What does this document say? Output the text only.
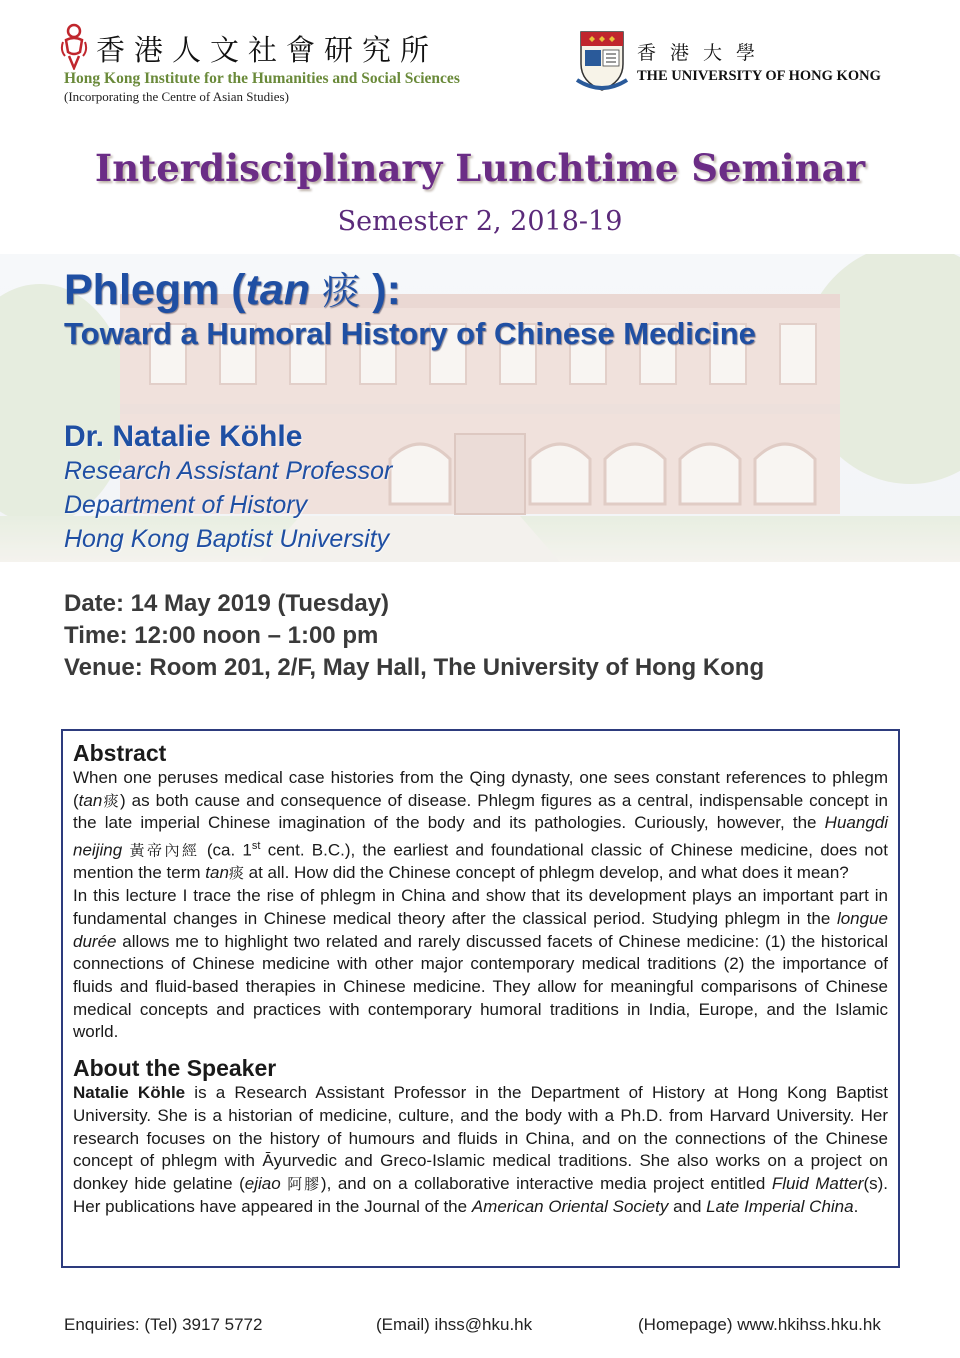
香港人文社會研究所
Hong Kong Institute for the Humanities and Social Sciences
(Incorporating the Centre of Asian Studies)
香港大學
THE UNIVERSITY OF HONG KONG
Interdisciplinary Lunchtime Seminar
Semester 2, 2018-19
Phlegm (tan 痰 ):
Toward a Humoral History of Chinese Medicine
Dr. Natalie Köhle
Research Assistant Professor
Department of History
Hong Kong Baptist University
Date: 14 May 2019 (Tuesday)
Time: 12:00 noon – 1:00 pm
Venue: Room 201, 2/F, May Hall, The University of Hong Kong
Abstract

When one peruses medical case histories from the Qing dynasty, one sees constant references to phlegm (tan痰) as both cause and consequence of disease. Phlegm figures as a central, indispensable concept in the late imperial Chinese imagination of the body and its pathologies. Curiously, however, the Huangdi neijing 黃帝內經 (ca. 1st cent. B.C.), the earliest and foundational classic of Chinese medicine, does not mention the term tan痰 at all. How did the Chinese concept of phlegm develop, and what does it mean?

In this lecture I trace the rise of phlegm in China and show that its development plays an important part in fundamental changes in Chinese medical theory after the classical period. Studying phlegm in the longue durée allows me to highlight two related and rarely discussed facets of Chinese medicine: (1) the historical connections of Chinese medicine with other major contemporary medical traditions (2) the importance of fluids and fluid-based therapies in Chinese medicine. They allow for meaningful comparisons of Chinese medical concepts and practices with contemporary humoral traditions in India, Europe, and the Islamic world.

About the Speaker

Natalie Köhle is a Research Assistant Professor in the Department of History at Hong Kong Baptist University. She is a historian of medicine, culture, and the body with a Ph.D. from Harvard University. Her research focuses on the history of humours and fluids in China, and on the connections of the Chinese concept of phlegm with Āyurvedic and Greco-Islamic medical traditions. She also works on a project on donkey hide gelatine (ejiao 阿膠), and on a collaborative interactive media project entitled Fluid Matter(s). Her publications have appeared in the Journal of the American Oriental Society and Late Imperial China.

Enquiries: (Tel) 3917 5772	(Email) ihss@hku.hk	(Homepage) www.hkihss.hku.hk
